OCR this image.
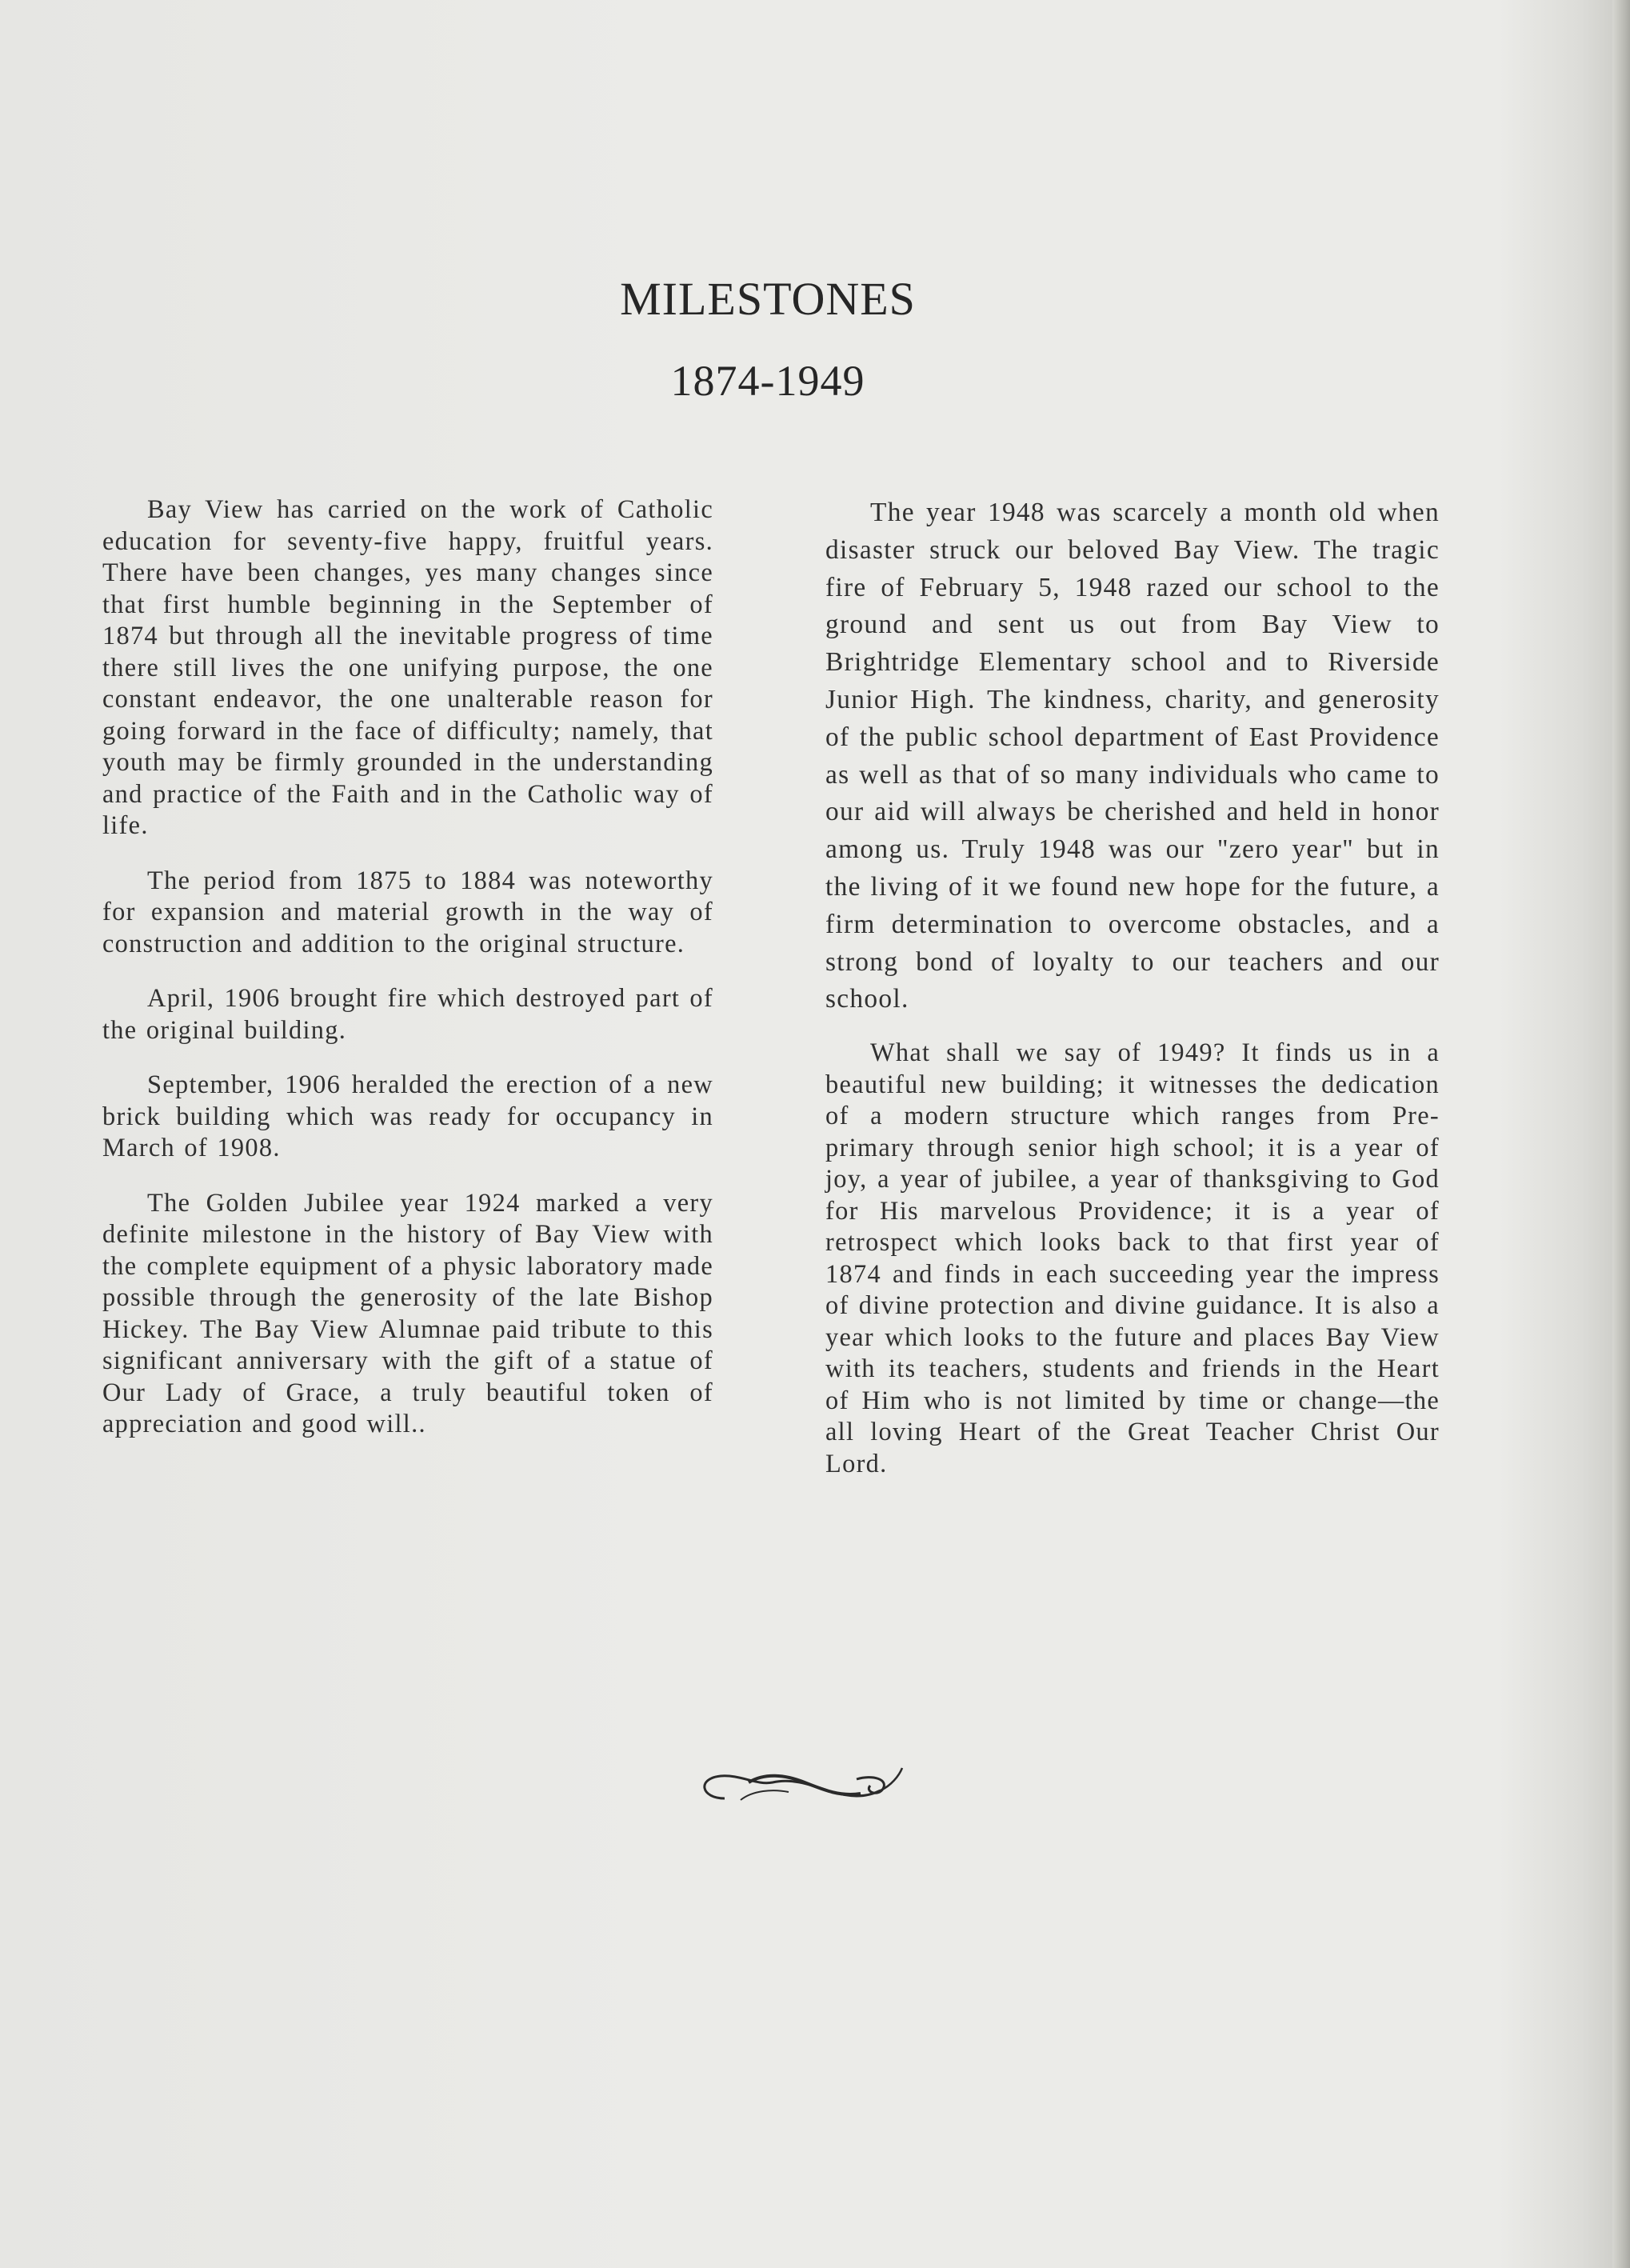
MILESTONES
1874-1949

Bay View has carried on the work of Catholic education for seventy-five happy, fruitful years. There have been changes, yes many changes since that first humble beginning in the September of 1874 but through all the inevitable progress of time there still lives the one unifying purpose, the one constant endeavor, the one unalterable reason for going forward in the face of difficulty; namely, that youth may be firmly grounded in the understanding and practice of the Faith and in the Catholic way of life.

The period from 1875 to 1884 was noteworthy for expansion and material growth in the way of construction and addition to the original structure.

April, 1906 brought fire which destroyed part of the original building.

September, 1906 heralded the erection of a new brick building which was ready for occupancy in March of 1908.

The Golden Jubilee year 1924 marked a very definite milestone in the history of Bay View with the complete equipment of a physic laboratory made possible through the generosity of the late Bishop Hickey. The Bay View Alumnae paid tribute to this significant anniversary with the gift of a statue of Our Lady of Grace, a truly beautiful token of appreciation and good will..

The year 1948 was scarcely a month old when disaster struck our beloved Bay View. The tragic fire of February 5, 1948 razed our school to the ground and sent us out from Bay View to Brightridge Elementary school and to Riverside Junior High. The kindness, charity, and generosity of the public school department of East Providence as well as that of so many individuals who came to our aid will always be cherished and held in honor among us. Truly 1948 was our "zero year" but in the living of it we found new hope for the future, a firm determination to overcome obstacles, and a strong bond of loyalty to our teachers and our school.

What shall we say of 1949? It finds us in a beautiful new building; it witnesses the dedication of a modern structure which ranges from Pre-primary through senior high school; it is a year of joy, a year of jubilee, a year of thanksgiving to God for His marvelous Providence; it is a year of retrospect which looks back to that first year of 1874 and finds in each succeeding year the impress of divine protection and divine guidance. It is also a year which looks to the future and places Bay View with its teachers, students and friends in the Heart of Him who is not limited by time or change—the all loving Heart of the Great Teacher Christ Our Lord.
